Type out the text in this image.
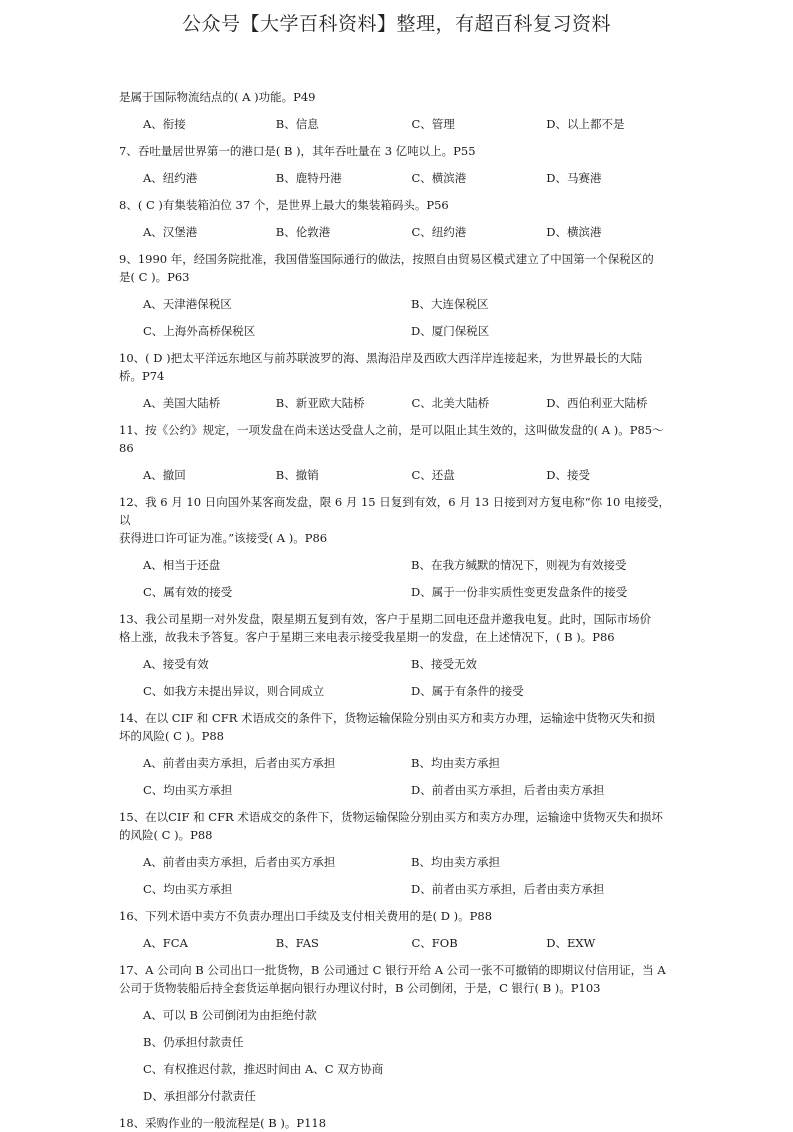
公众号【大学百科资料】整理，有超百科复习资料

是属于国际物流结点的( A )功能。P49

A、衔接	B、信息	C、管理	D、以上都不是

7、吞吐量居世界第一的港口是( B )，其年吞吐量在 3 亿吨以上。P55

A、纽约港	B、鹿特丹港	C、横滨港	D、马赛港

8、( C )有集装箱泊位 37 个，是世界上最大的集装箱码头。P56

A、汉堡港	B、伦敦港	C、纽约港	D、横滨港

9、1990 年，经国务院批准，我国借鉴国际通行的做法，按照自由贸易区模式建立了中国第一个保税区的

是( C )。P63

A、天津港保税区	B、大连保税区
C、上海外高桥保税区	D、厦门保税区

10、( D )把太平洋远东地区与前苏联波罗的海、黑海沿岸及西欧大西洋岸连接起来，为世界最长的大陆

桥。P74

A、美国大陆桥	B、新亚欧大陆桥	C、北美大陆桥	D、西伯利亚大陆桥

11、按《公约》规定，一项发盘在尚未送达受盘人之前，是可以阻止其生效的，这叫做发盘的( A )。P85～

86

A、撤回	B、撤销	C、还盘	D、接受

12、我 6 月 10 日向国外某客商发盘，限 6 月 15 日复到有效，6 月 13 日接到对方复电称“你 10 电接受，以

获得进口许可证为准。”该接受( A )。P86

A、相当于还盘	B、在我方缄默的情况下，则视为有效接受
C、属有效的接受	D、属于一份非实质性变更发盘条件的接受

13、我公司星期一对外发盘，限星期五复到有效，客户于星期二回电还盘并邀我电复。此时，国际市场价

格上涨，故我未予答复。客户于星期三来电表示接受我星期一的发盘，在上述情况下，( B )。P86

A、接受有效	B、接受无效
C、如我方未提出异议，则合同成立	D、属于有条件的接受

14、在以 CIF 和 CFR 术语成交的条件下，货物运输保险分别由买方和卖方办理，运输途中货物灭失和损

坏的风险( C )。P88

A、前者由卖方承担，后者由买方承担	B、均由卖方承担
C、均由买方承担	D、前者由买方承担，后者由卖方承担

15、在以CIF 和 CFR 术语成交的条件下，货物运输保险分别由买方和卖方办理，运输途中货物灭失和损坏

的风险( C )。P88

A、前者由卖方承担，后者由买方承担	B、均由卖方承担
C、均由买方承担	D、前者由买方承担，后者由卖方承担

16、下列术语中卖方不负责办理出口手续及支付相关费用的是( D )。P88

A、FCA	B、FAS	C、FOB	D、EXW

17、A 公司向 B 公司出口一批货物，B 公司通过 C 银行开给 A 公司一张不可撤销的即期议付信用证，当 A

公司于货物装船后持全套货运单据向银行办理议付时，B 公司倒闭，于是，C 银行( B )。P103

A、可以 B 公司倒闭为由拒绝付款
B、仍承担付款责任
C、有权推迟付款，推迟时间由 A、C 双方协商
D、承担部分付款责任

18、采购作业的一般流程是( B )。P118
